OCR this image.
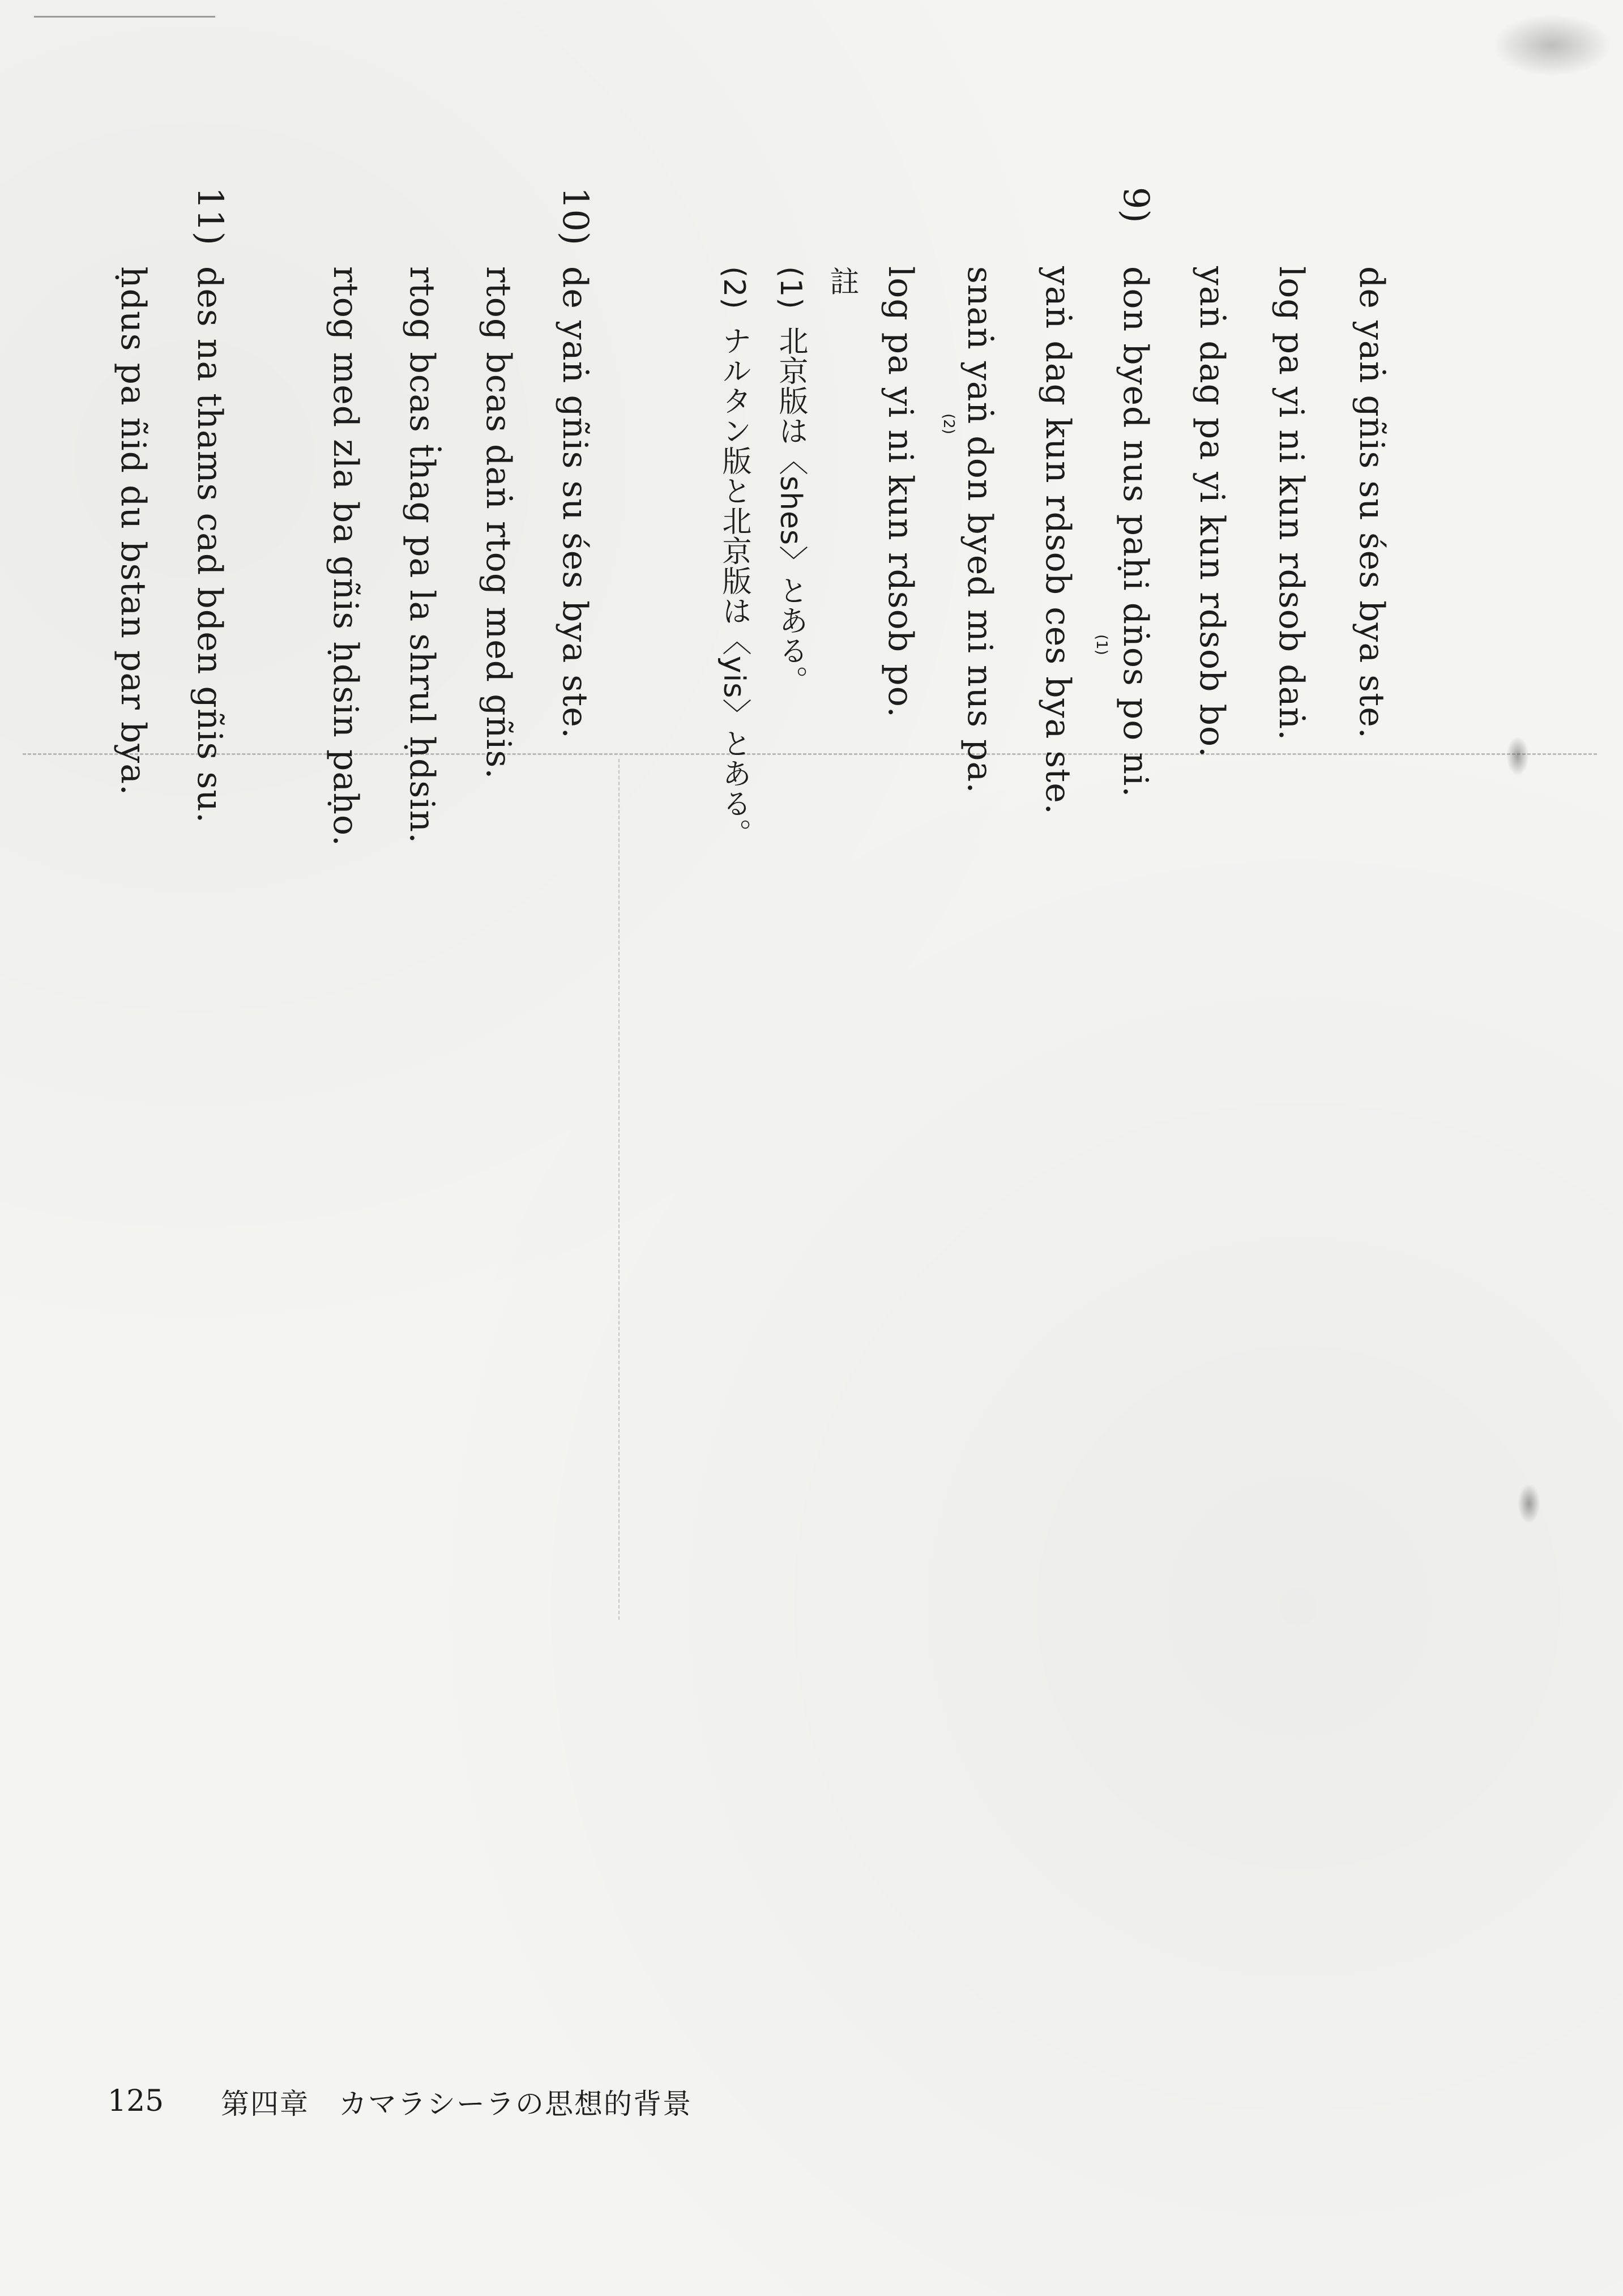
de yaṅ gñis su śes bya ste.
log pa yi ni kun rdsob daṅ.
yaṅ dag pa yi kun rdsob bo.
9)
don byed nus paḥi dṅos po ni.
(1)
yaṅ dag kun rdsob ces bya ste.
snaṅ yaṅ don byed mi nus pa.
(2)
log pa yi ni kun rdsob po.
註
(1)
北京版は〈shes〉とある。
(2)
ナルタン版と北京版は〈yis〉とある。
10)
de yaṅ gñis su śes bya ste.
rtog bcas daṅ rtog med gñis.
rtog bcas ṫhag pa la shrul ḥdsin.
rtog med zla ba gñis ḥdsin paḥo.
11)
des na thams cad bden gñis su.
ḥdus pa ñid du bstan par bya.
125 第四章　カマラシーラの思想的背景
